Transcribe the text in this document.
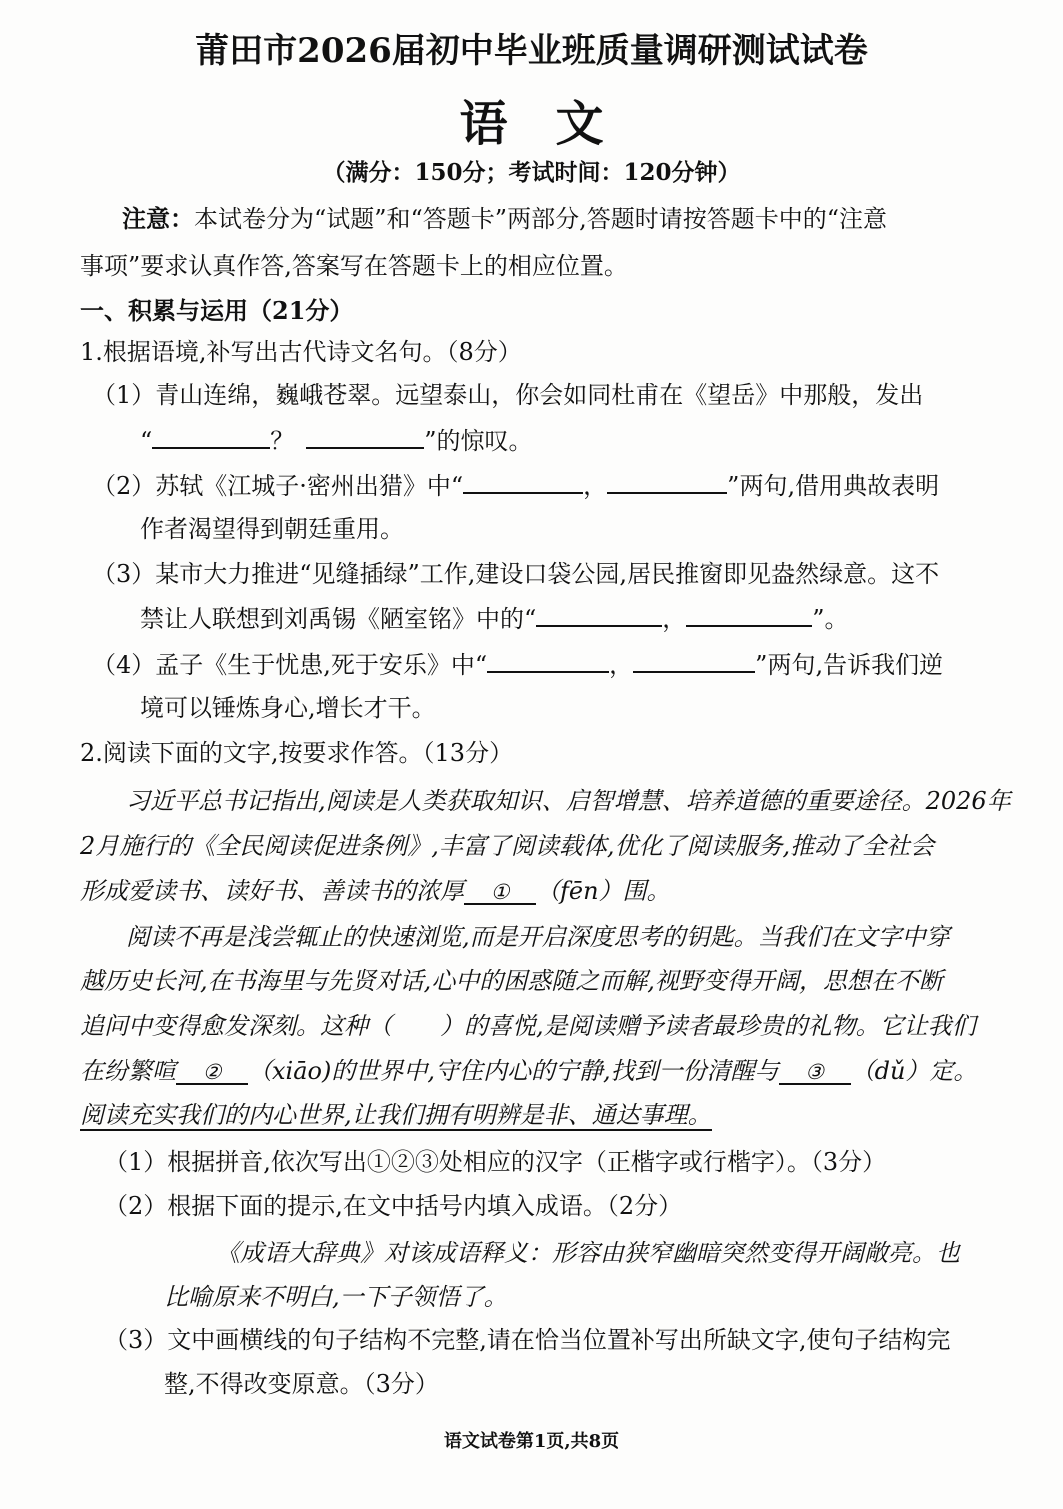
莆田市2026届初中毕业班质量调研测试试卷
语　文
（满分：150分；考试时间：120分钟）
注意：本试卷分为“试题”和“答题卡”两部分,答题时请按答题卡中的“注意
事项”要求认真作答,答案写在答题卡上的相应位置。
一、积累与运用（21分）
1.根据语境,补写出古代诗文名句。（8分）
（1）青山连绵，巍峨苍翠。远望泰山，你会如同杜甫在《望岳》中那般，发出
“	？	”的惊叹。
（2）苏轼《江城子·密州出猎》中“	，	”两句,借用典故表明
作者渴望得到朝廷重用。
（3）某市大力推进“见缝插绿”工作,建设口袋公园,居民推窗即见盎然绿意。这不
禁让人联想到刘禹锡《陋室铭》中的“	，	”。
（4）孟子《生于忧患,死于安乐》中“	，	”两句,告诉我们逆
境可以锤炼身心,增长才干。
2.阅读下面的文字,按要求作答。（13分）
习近平总书记指出,阅读是人类获取知识、启智增慧、培养道德的重要途径。2026年
2月施行的《全民阅读促进条例》,丰富了阅读载体,优化了阅读服务,推动了全社会
形成爱读书、读好书、善读书的浓厚 ① （fēn）围。
阅读不再是浅尝辄止的快速浏览,而是开启深度思考的钥匙。当我们在文字中穿
越历史长河,在书海里与先贤对话,心中的困惑随之而解,视野变得开阔，思想在不断
追问中变得愈发深刻。这种（　　）的喜悦,是阅读赠予读者最珍贵的礼物。它让我们
在纷繁喧 ② （xiāo)的世界中,守住内心的宁静,找到一份清醒与 ③ （dǔ）定。
阅读充实我们的内心世界,让我们拥有明辨是非、通达事理。
（1）根据拼音,依次写出①②③处相应的汉字（正楷字或行楷字）。（3分）
（2）根据下面的提示,在文中括号内填入成语。（2分）
《成语大辞典》对该成语释义：形容由狭窄幽暗突然变得开阔敞亮。也
比喻原来不明白,一下子领悟了。
（3）文中画横线的句子结构不完整,请在恰当位置补写出所缺文字,使句子结构完
整,不得改变原意。（3分）
语文试卷第1页,共8页
